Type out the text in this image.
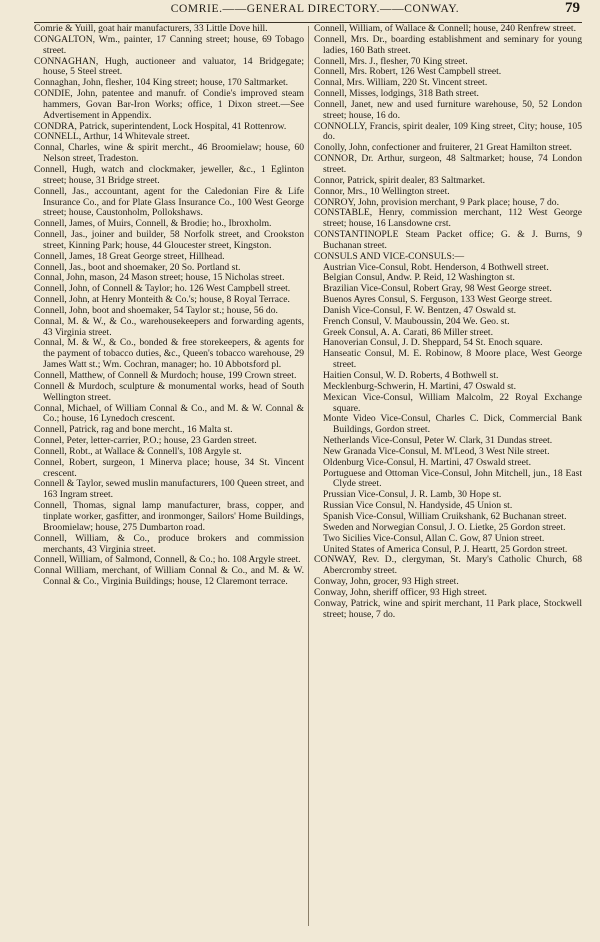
COMRIE.——GENERAL DIRECTORY.——CONWAY.	79

Comrie & Yuill, goat hair manufacturers, 33 Little Dove hill.

CONGALTON, Wm., painter, 17 Canning street; house, 69 Tobago street.

CONNAGHAN, Hugh, auctioneer and valuator, 14 Bridgegate; house, 5 Steel street.

Connaghan, John, flesher, 104 King street; house, 170 Saltmarket.

CONDIE, John, patentee and manufr. of Condie's improved steam hammers, Govan Bar-Iron Works; office, 1 Dixon street.—See Advertisement in Appendix.

CONDRA, Patrick, superintendent, Lock Hospital, 41 Rottenrow.

CONNELL, Arthur, 14 Whitevale street.

Connal, Charles, wine & spirit mercht., 46 Broomielaw; house, 60 Nelson street, Tradeston.

Connell, Hugh, watch and clockmaker, jeweller, &c., 1 Eglinton street; house, 31 Bridge street.

Connell, Jas., accountant, agent for the Caledonian Fire & Life Insurance Co., and for Plate Glass Insurance Co., 100 West George street; house, Caustonholm, Pollokshaws.

Connell, James, of Muirs, Connell, & Brodie; ho., Ibroxholm.

Connell, Jas., joiner and builder, 58 Norfolk street, and Crookston street, Kinning Park; house, 44 Gloucester street, Kingston.

Connell, James, 18 Great George street, Hillhead.

Connell, Jas., boot and shoemaker, 20 So. Portland st.

Connal, John, mason, 24 Mason street; house, 15 Nicholas street.

Connell, John, of Connell & Taylor; ho. 126 West Campbell street.

Connell, John, at Henry Monteith & Co.'s; house, 8 Royal Terrace.

Connell, John, boot and shoemaker, 54 Taylor st.; house, 56 do.

Connal, M. & W., & Co., warehousekeepers and forwarding agents, 43 Virginia street.

Connal, M. & W., & Co., bonded & free storekeepers, & agents for the payment of tobacco duties, &c., Queen's tobacco warehouse, 29 James Watt st.; Wm. Cochran, manager; ho. 10 Abbotsford pl.

Connell, Matthew, of Connell & Murdoch; house, 199 Crown street.

Connell & Murdoch, sculpture & monumental works, head of South Wellington street.

Connal, Michael, of William Connal & Co., and M. & W. Connal & Co.; house, 16 Lynedoch crescent.

Connell, Patrick, rag and bone mercht., 16 Malta st.

Connel, Peter, letter-carrier, P.O.; house, 23 Garden street.

Connell, Robt., at Wallace & Connell's, 108 Argyle st.

Connel, Robert, surgeon, 1 Minerva place; house, 34 St. Vincent crescent.

Connell & Taylor, sewed muslin manufacturers, 100 Queen street, and 163 Ingram street.

Connell, Thomas, signal lamp manufacturer, brass, copper, and tinplate worker, gasfitter, and ironmonger, Sailors' Home Buildings, Broomielaw; house, 275 Dumbarton road.

Connell, William, & Co., produce brokers and commission merchants, 43 Virginia street.

Connell, William, of Salmond, Connell, & Co.; ho. 108 Argyle street.

Connal William, merchant, of William Connal & Co., and M. & W. Connal & Co., Virginia Buildings; house, 12 Claremont terrace.

Connell, William, of Wallace & Connell; house, 240 Renfrew street.

Connell, Mrs. Dr., boarding establishment and seminary for young ladies, 160 Bath street.

Connell, Mrs. J., flesher, 70 King street.

Connell, Mrs. Robert, 126 West Campbell street.

Connal, Mrs. William, 220 St. Vincent street.

Connell, Misses, lodgings, 318 Bath street.

Connell, Janet, new and used furniture warehouse, 50, 52 London street; house, 16 do.

CONNOLLY, Francis, spirit dealer, 109 King street, City; house, 105 do.

Conolly, John, confectioner and fruiterer, 21 Great Hamilton street.

CONNOR, Dr. Arthur, surgeon, 48 Saltmarket; house, 74 London street.

Connor, Patrick, spirit dealer, 83 Saltmarket.

Connor, Mrs., 10 Wellington street.

CONROY, John, provision merchant, 9 Park place; house, 7 do.

CONSTABLE, Henry, commission merchant, 112 West George street; house, 16 Lansdowne crst.

CONSTANTINOPLE Steam Packet office; G. & J. Burns, 9 Buchanan street.

CONSULS AND VICE-CONSULS:—

Austrian Vice-Consul, Robt. Henderson, 4 Bothwell street.

Belgian Consul, Andw. P. Reid, 12 Washington st.

Brazilian Vice-Consul, Robert Gray, 98 West George street.

Buenos Ayres Consul, S. Ferguson, 133 West George street.

Danish Vice-Consul, F. W. Bentzen, 47 Oswald st.

French Consul, V. Mauboussin, 204 We. Geo. st.

Greek Consul, A. A. Carati, 86 Miller street.

Hanoverian Consul, J. D. Sheppard, 54 St. Enoch square.

Hanseatic Consul, M. E. Robinow, 8 Moore place, West George street.

Haitien Consul, W. D. Roberts, 4 Bothwell st.

Mecklenburg-Schwerin, H. Martini, 47 Oswald st.

Mexican Vice-Consul, William Malcolm, 22 Royal Exchange square.

Monte Video Vice-Consul, Charles C. Dick, Commercial Bank Buildings, Gordon street.

Netherlands Vice-Consul, Peter W. Clark, 31 Dundas street.

New Granada Vice-Consul, M. M'Leod, 3 West Nile street.

Oldenburg Vice-Consul, H. Martini, 47 Oswald street.

Portuguese and Ottoman Vice-Consul, John Mitchell, jun., 18 East Clyde street.

Prussian Vice-Consul, J. R. Lamb, 30 Hope st.

Russian Vice Consul, N. Handyside, 45 Union st.

Spanish Vice-Consul, William Cruikshank, 62 Buchanan street.

Sweden and Norwegian Consul, J. O. Lietke, 25 Gordon street.

Two Sicilies Vice-Consul, Allan C. Gow, 87 Union street.

United States of America Consul, P. J. Heartt, 25 Gordon street.

CONWAY, Rev. D., clergyman, St. Mary's Catholic Church, 68 Abercromby street.

Conway, John, grocer, 93 High street.

Conway, John, sheriff officer, 93 High street.

Conway, Patrick, wine and spirit merchant, 11 Park place, Stockwell street; house, 7 do.
